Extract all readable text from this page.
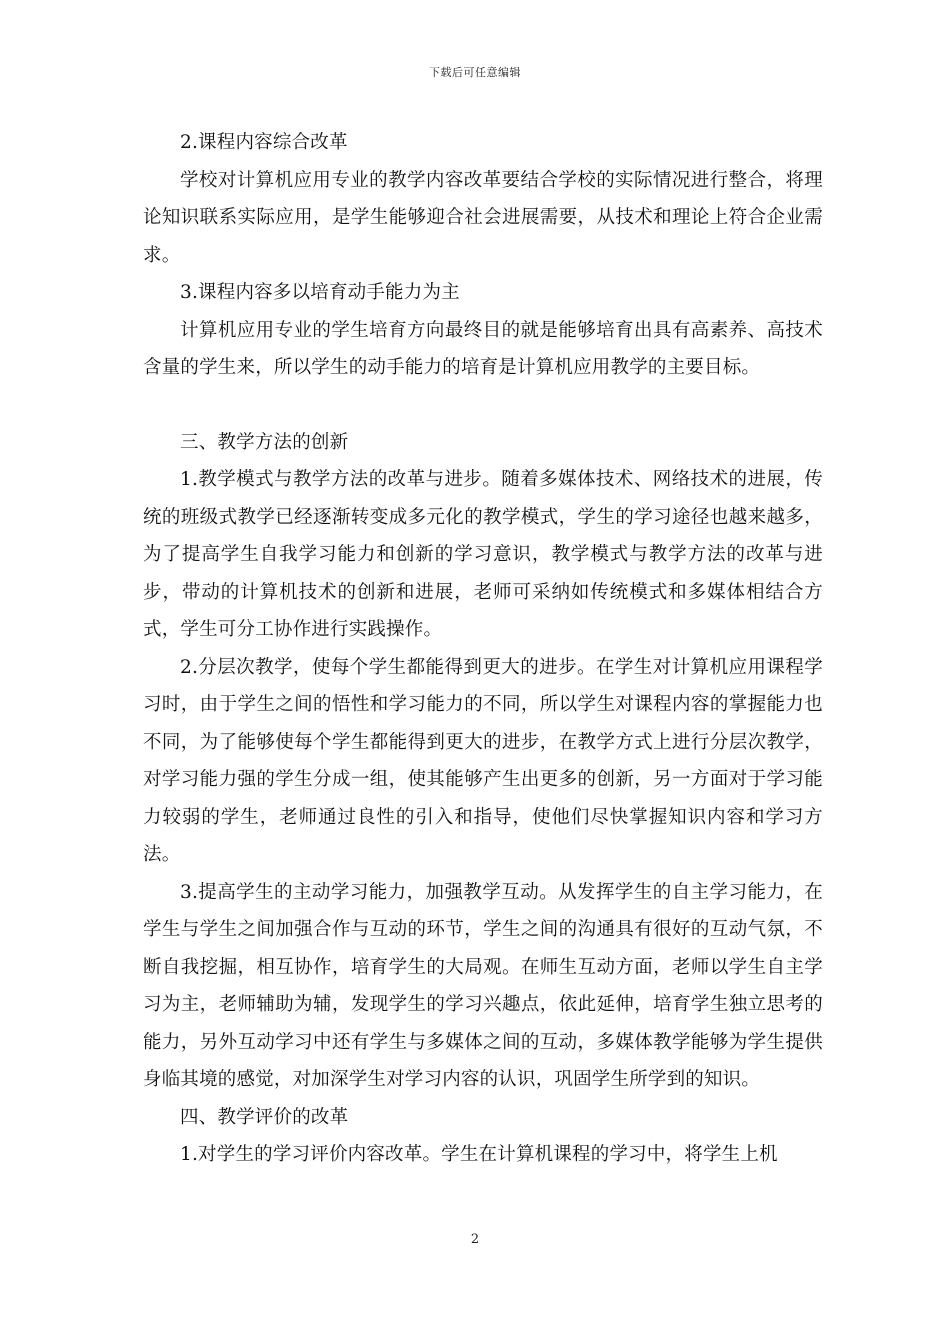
下载后可任意编辑

2.课程内容综合改革

学校对计算机应用专业的教学内容改革要结合学校的实际情况进行整合，将理论知识联系实际应用，是学生能够迎合社会进展需要，从技术和理论上符合企业需求。

3.课程内容多以培育动手能力为主

计算机应用专业的学生培育方向最终目的就是能够培育出具有高素养、高技术含量的学生来，所以学生的动手能力的培育是计算机应用教学的主要目标。

三、教学方法的创新

1.教学模式与教学方法的改革与进步。随着多媒体技术、网络技术的进展，传统的班级式教学已经逐渐转变成多元化的教学模式，学生的学习途径也越来越多，为了提高学生自我学习能力和创新的学习意识，教学模式与教学方法的改革与进步，带动的计算机技术的创新和进展，老师可采纳如传统模式和多媒体相结合方式，学生可分工协作进行实践操作。

2.分层次教学，使每个学生都能得到更大的进步。在学生对计算机应用课程学习时，由于学生之间的悟性和学习能力的不同，所以学生对课程内容的掌握能力也不同，为了能够使每个学生都能得到更大的进步，在教学方式上进行分层次教学，对学习能力强的学生分成一组，使其能够产生出更多的创新，另一方面对于学习能力较弱的学生，老师通过良性的引入和指导，使他们尽快掌握知识内容和学习方法。

3.提高学生的主动学习能力，加强教学互动。从发挥学生的自主学习能力，在学生与学生之间加强合作与互动的环节，学生之间的沟通具有很好的互动气氛，不断自我挖掘，相互协作，培育学生的大局观。在师生互动方面，老师以学生自主学习为主，老师辅助为辅，发现学生的学习兴趣点，依此延伸，培育学生独立思考的能力，另外互动学习中还有学生与多媒体之间的互动，多媒体教学能够为学生提供身临其境的感觉，对加深学生对学习内容的认识，巩固学生所学到的知识。

四、教学评价的改革

1.对学生的学习评价内容改革。学生在计算机课程的学习中，将学生上机

2
